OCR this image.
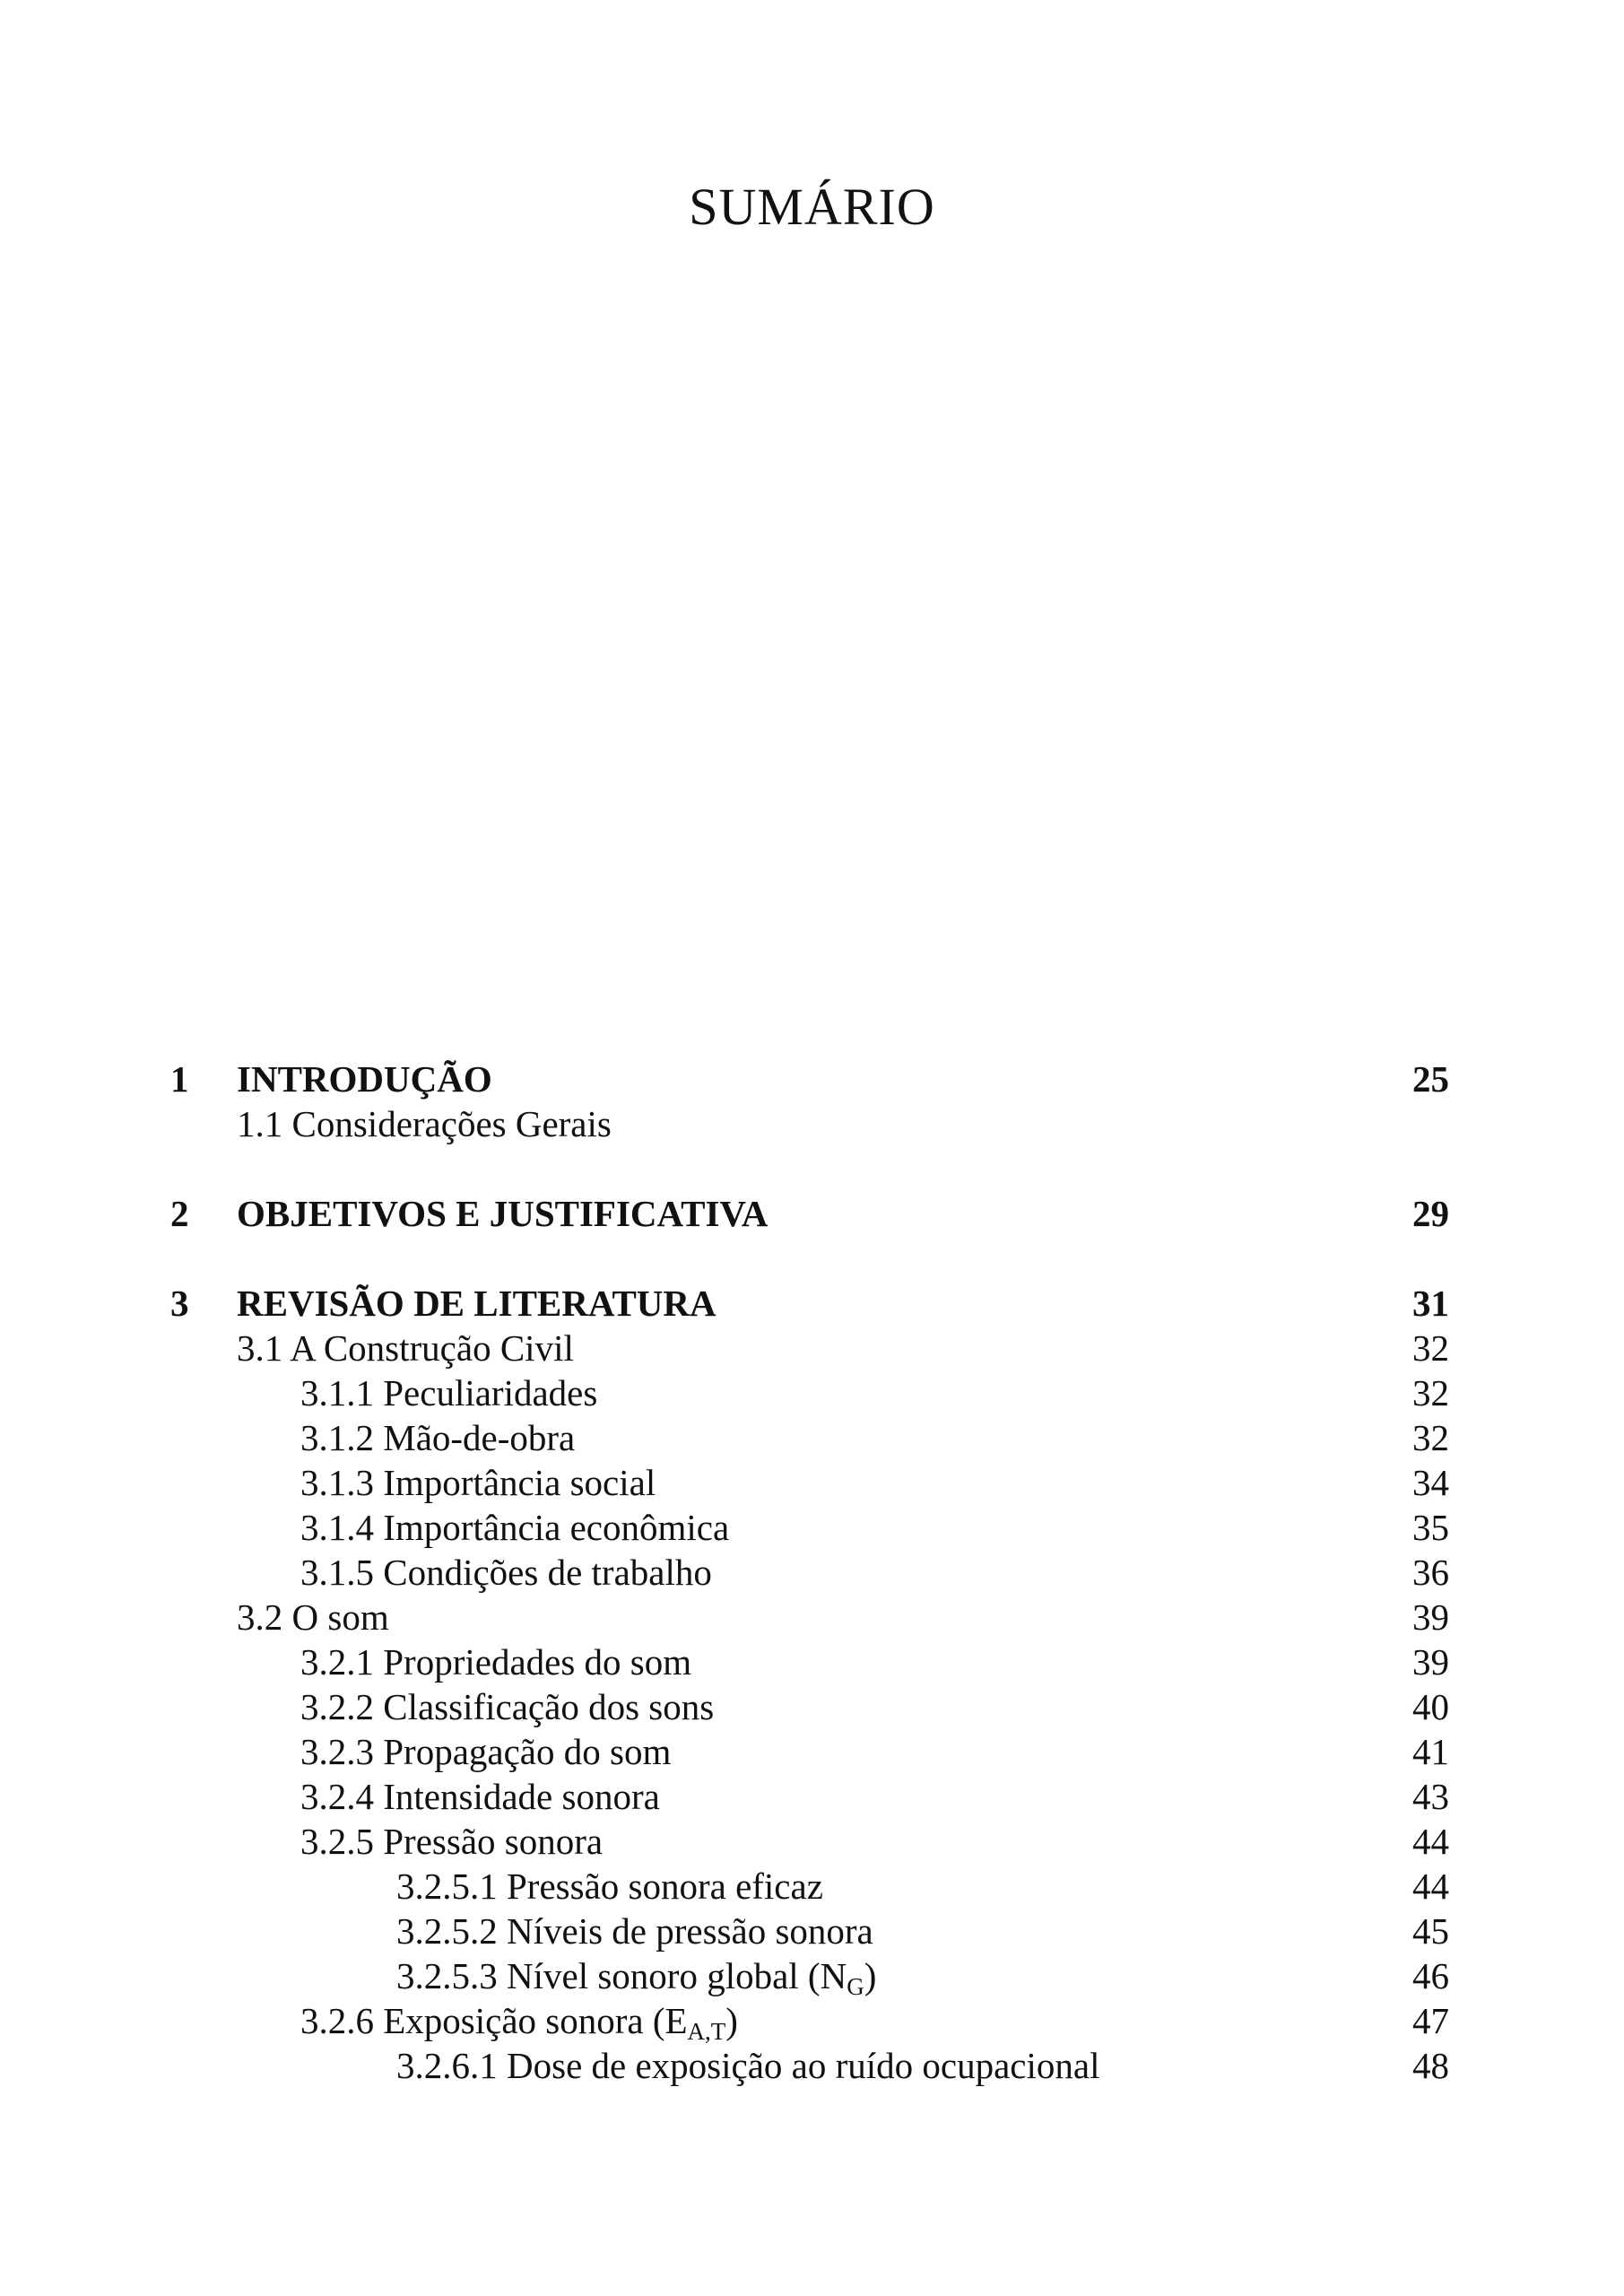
SUMÁRIO
1 INTRODUÇÃO	25
1.1 Considerações Gerais
2 OBJETIVOS E JUSTIFICATIVA	29
3 REVISÃO DE LITERATURA	31
3.1 A Construção Civil	32
3.1.1 Peculiaridades	32
3.1.2 Mão-de-obra	32
3.1.3 Importância social	34
3.1.4 Importância econômica	35
3.1.5 Condições de trabalho	36
3.2 O som	39
3.2.1 Propriedades do som	39
3.2.2 Classificação dos sons	40
3.2.3 Propagação do som	41
3.2.4 Intensidade sonora	43
3.2.5 Pressão sonora	44
3.2.5.1 Pressão sonora eficaz	44
3.2.5.2 Níveis de pressão sonora	45
3.2.5.3 Nível sonoro global $(N_G)$	46
3.2.6 Exposição sonora $(E_{A,T})$	47
3.2.6.1 Dose de exposição ao ruído ocupacional	48
